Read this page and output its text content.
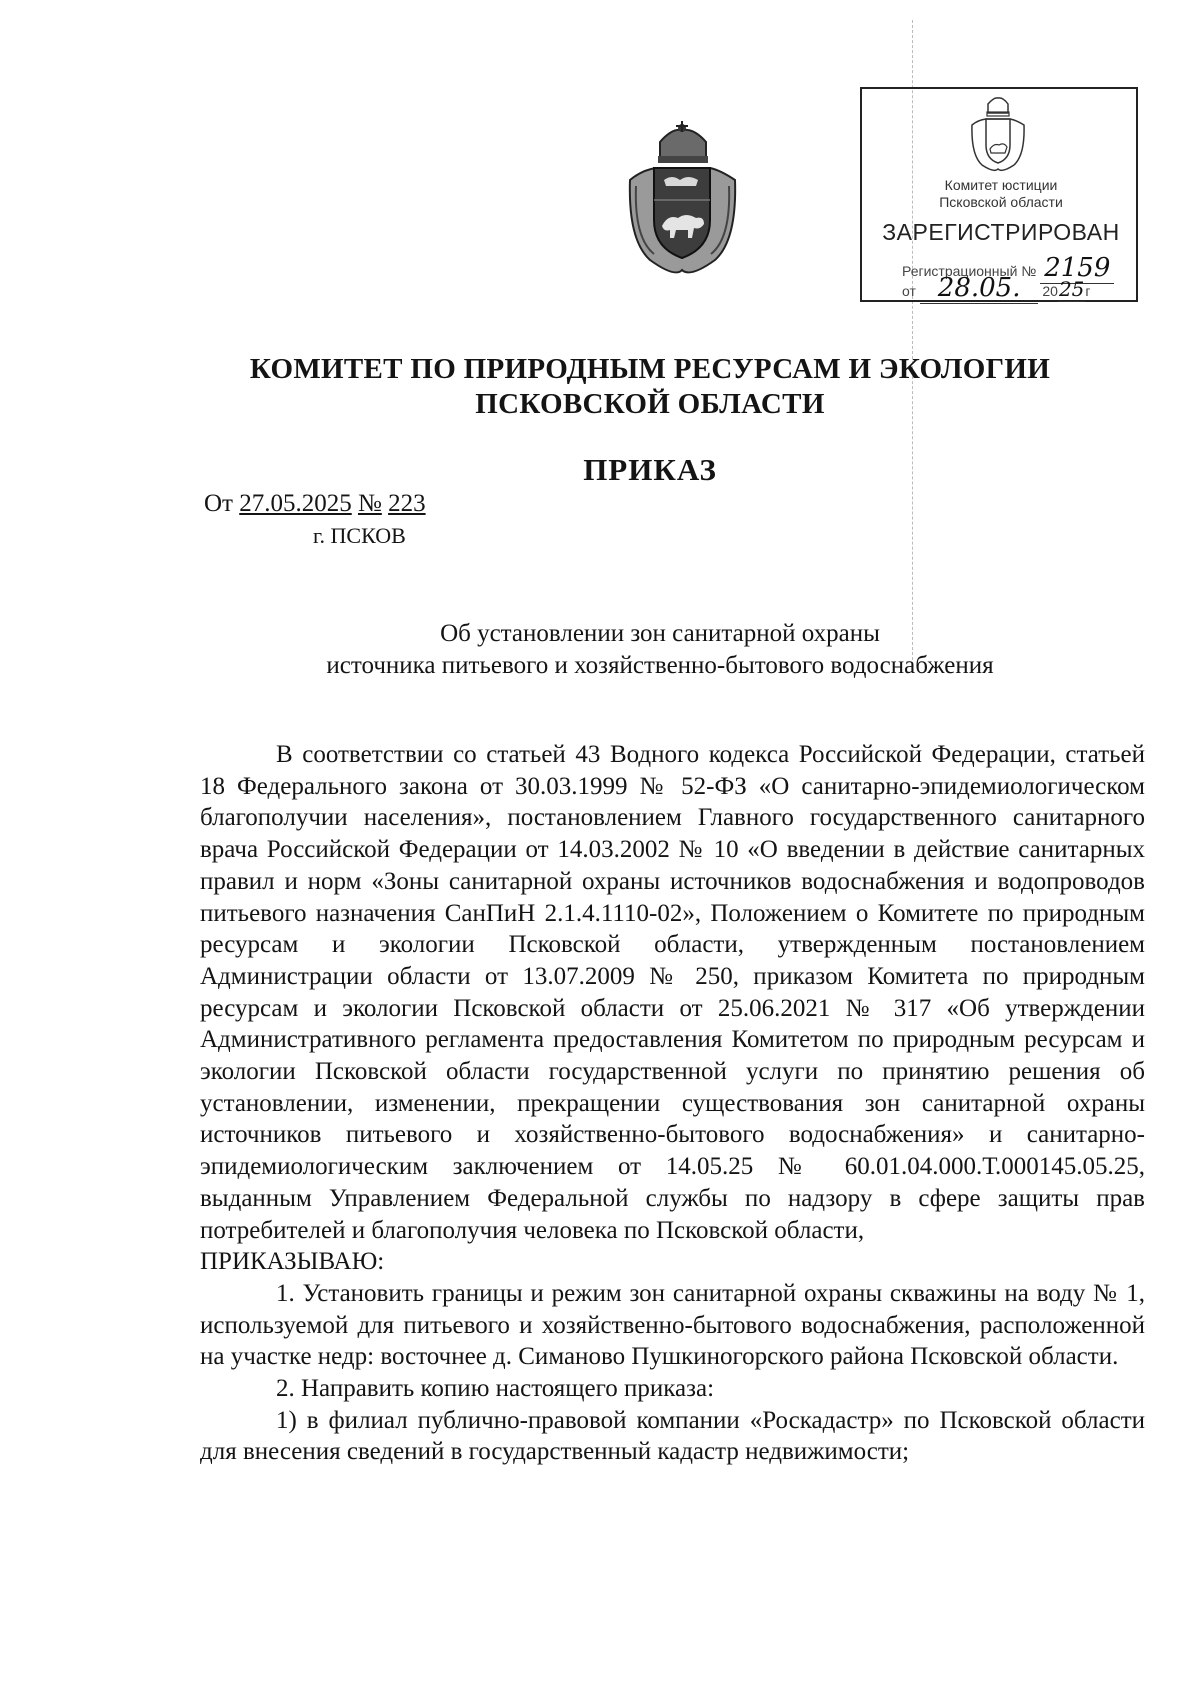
Комитет юстиции
Псковской области
ЗАРЕГИСТРИРОВАН
Регистрационный № 2159
от 28.05. 2025г
КОМИТЕТ ПО ПРИРОДНЫМ РЕСУРСАМ И ЭКОЛОГИИ
ПСКОВСКОЙ ОБЛАСТИ
ПРИКАЗ
От 27.05.2025 № 223
г. ПСКОВ
Об установлении зон санитарной охраны
источника питьевого и хозяйственно-бытового водоснабжения

В соответствии со статьей 43 Водного кодекса Российской Федерации, статьей 18 Федерального закона от 30.03.1999 № 52-ФЗ «О санитарно-эпидемиологическом благополучии населения», постановлением Главного государственного санитарного врача Российской Федерации от 14.03.2002 № 10 «О введении в действие санитарных правил и норм «Зоны санитарной охраны источников водоснабжения и водопроводов питьевого назначения СанПиН 2.1.4.1110-02», Положением о Комитете по природным ресурсам и экологии Псковской области, утвержденным постановлением Администрации области от 13.07.2009 № 250, приказом Комитета по природным ресурсам и экологии Псковской области от 25.06.2021 № 317 «Об утверждении Административного регламента предоставления Комитетом по природным ресурсам и экологии Псковской области государственной услуги по принятию решения об установлении, изменении, прекращении существования зон санитарной охраны источников питьевого и хозяйственно-бытового водоснабжения» и санитарно-эпидемиологическим заключением от 14.05.25 № 60.01.04.000.Т.000145.05.25, выданным Управлением Федеральной службы по надзору в сфере защиты прав потребителей и благополучия человека по Псковской области,

ПРИКАЗЫВАЮ:

1. Установить границы и режим зон санитарной охраны скважины на воду № 1, используемой для питьевого и хозяйственно-бытового водоснабжения, расположенной на участке недр: восточнее д. Симаново Пушкиногорского района Псковской области.

2. Направить копию настоящего приказа:

1) в филиал публично-правовой компании «Роскадастр» по Псковской области для внесения сведений в государственный кадастр недвижимости;
